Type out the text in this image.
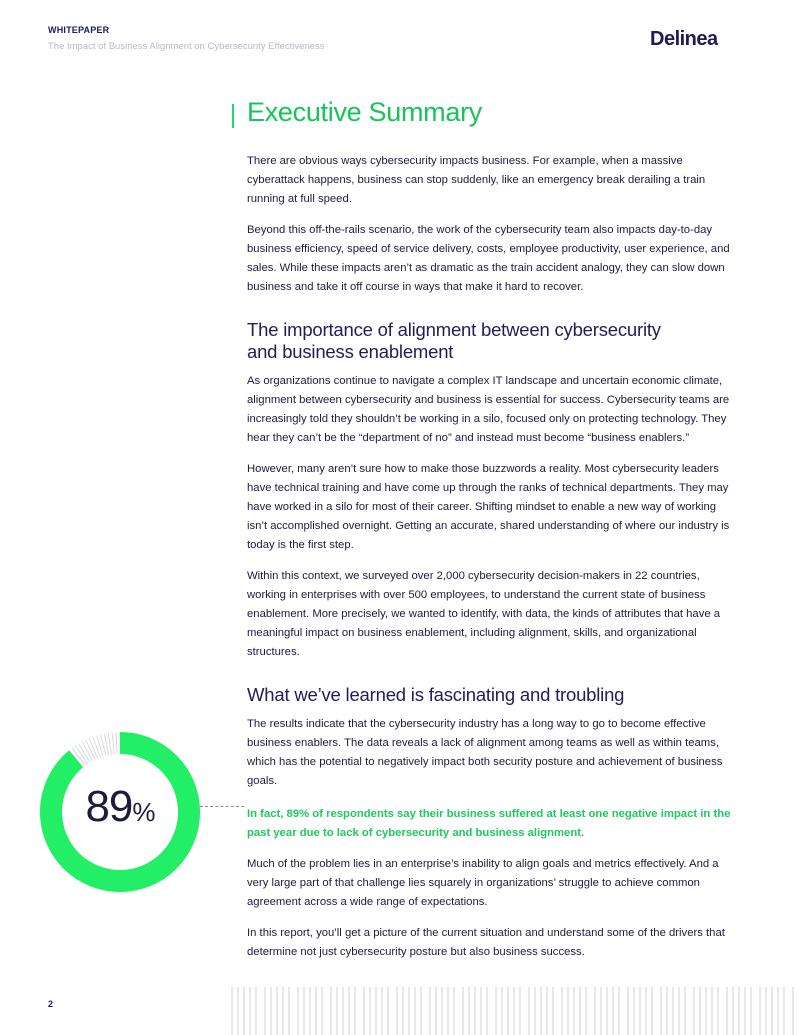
WHITEPAPER
The Impact of Business Alignment on Cybersecurity Effectiveness	Delinea
Executive Summary

There are obvious ways cybersecurity impacts business. For example, when a massive cyberattack happens, business can stop suddenly, like an emergency break derailing a train running at full speed.

Beyond this off-the-rails scenario, the work of the cybersecurity team also impacts day-to-day business efficiency, speed of service delivery, costs, employee productivity, user experience, and sales. While these impacts aren’t as dramatic as the train accident analogy, they can slow down business and take it off course in ways that make it hard to recover.

The importance of alignment between cybersecurity and business enablement

As organizations continue to navigate a complex IT landscape and uncertain economic climate, alignment between cybersecurity and business is essential for success. Cybersecurity teams are increasingly told they shouldn’t be working in a silo, focused only on protecting technology. They hear they can’t be the “department of no” and instead must become “business enablers.”

However, many aren’t sure how to make those buzzwords a reality. Most cybersecurity leaders have technical training and have come up through the ranks of technical departments. They may have worked in a silo for most of their career. Shifting mindset to enable a new way of working isn’t accomplished overnight. Getting an accurate, shared understanding of where our industry is today is the first step.

Within this context, we surveyed over 2,000 cybersecurity decision-makers in 22 countries, working in enterprises with over 500 employees, to understand the current state of business enablement. More precisely, we wanted to identify, with data, the kinds of attributes that have a meaningful impact on business enablement, including alignment, skills, and organizational structures.

What we’ve learned is fascinating and troubling

The results indicate that the cybersecurity industry has a long way to go to become effective business enablers. The data reveals a lack of alignment among teams as well as within teams, which has the potential to negatively impact both security posture and achievement of business goals.

In fact, 89% of respondents say their business suffered at least one negative impact in the past year due to lack of cybersecurity and business alignment.

Much of the problem lies in an enterprise’s inability to align goals and metrics effectively. And a very large part of that challenge lies squarely in organizations’ struggle to achieve common agreement across a wide range of expectations.

In this report, you’ll get a picture of the current situation and understand some of the drivers that determine not just cybersecurity posture but also business success.

89%
2
